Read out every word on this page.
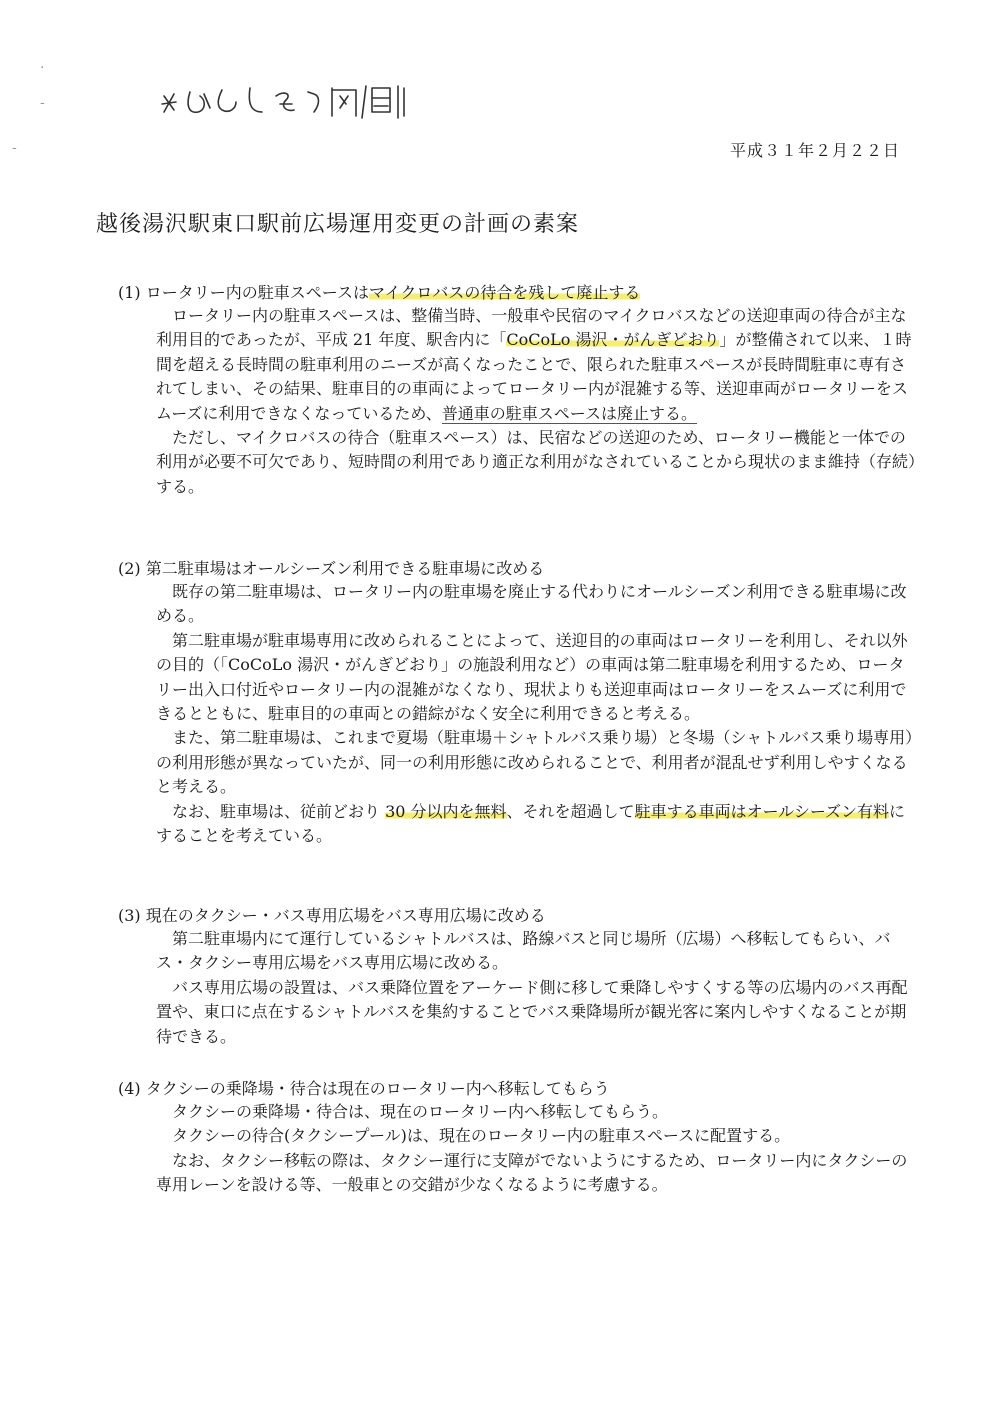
·
-
-	平成３１年２月２２日
越後湯沢駅東口駅前広場運用変更の計画の素案

(1) ロータリー内の駐車スペースはマイクロバスの待合を残して廃止する

ロータリー内の駐車スペースは、整備当時、一般車や民宿のマイクロバスなどの送迎車両の待合が主な利用目的であったが、平成 21 年度、駅舎内に「CoCoLo 湯沢・がんぎどおり」が整備されて以来、１時間を超える長時間の駐車利用のニーズが高くなったことで、限られた駐車スペースが長時間駐車に専有されてしまい、その結果、駐車目的の車両によってロータリー内が混雑する等、送迎車両がロータリーをスムーズに利用できなくなっているため、普通車の駐車スペースは廃止する。

ただし、マイクロバスの待合（駐車スペース）は、民宿などの送迎のため、ロータリー機能と一体での利用が必要不可欠であり、短時間の利用であり適正な利用がなされていることから現状のまま維持（存続）する。

(2) 第二駐車場はオールシーズン利用できる駐車場に改める

既存の第二駐車場は、ロータリー内の駐車場を廃止する代わりにオールシーズン利用できる駐車場に改める。

第二駐車場が駐車場専用に改められることによって、送迎目的の車両はロータリーを利用し、それ以外の目的（「CoCoLo 湯沢・がんぎどおり」の施設利用など）の車両は第二駐車場を利用するため、ロータリー出入口付近やロータリー内の混雑がなくなり、現状よりも送迎車両はロータリーをスムーズに利用できるとともに、駐車目的の車両との錯綜がなく安全に利用できると考える。

また、第二駐車場は、これまで夏場（駐車場＋シャトルバス乗り場）と冬場（シャトルバス乗り場専用）の利用形態が異なっていたが、同一の利用形態に改められることで、利用者が混乱せず利用しやすくなると考える。

なお、駐車場は、従前どおり 30 分以内を無料、それを超過して駐車する車両はオールシーズン有料にすることを考えている。

(3) 現在のタクシー・バス専用広場をバス専用広場に改める

第二駐車場内にて運行しているシャトルバスは、路線バスと同じ場所（広場）へ移転してもらい、バス・タクシー専用広場をバス専用広場に改める。

バス専用広場の設置は、バス乗降位置をアーケード側に移して乗降しやすくする等の広場内のバス再配置や、東口に点在するシャトルバスを集約することでバス乗降場所が観光客に案内しやすくなることが期待できる。

(4) タクシーの乗降場・待合は現在のロータリー内へ移転してもらう

タクシーの乗降場・待合は、現在のロータリー内へ移転してもらう。

タクシーの待合(タクシープール)は、現在のロータリー内の駐車スペースに配置する。

なお、タクシー移転の際は、タクシー運行に支障がでないようにするため、ロータリー内にタクシーの専用レーンを設ける等、一般車との交錯が少なくなるように考慮する。
